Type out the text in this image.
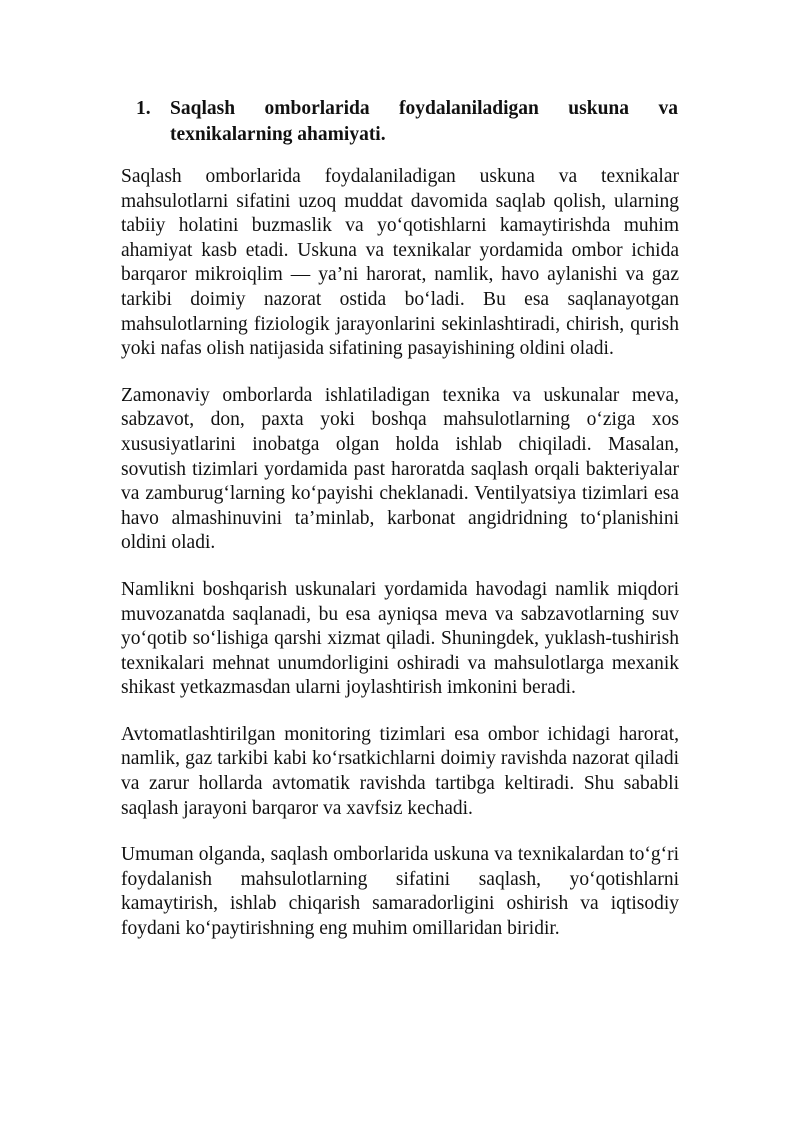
1. Saqlash omborlarida foydalaniladigan uskuna va texnikalarning ahamiyati.

Saqlash omborlarida foydalaniladigan uskuna va texnikalar mahsulotlarni sifatini uzoq muddat davomida saqlab qolish, ularning tabiiy holatini buzmaslik va yo‘qotishlarni kamaytirishda muhim ahamiyat kasb etadi. Uskuna va texnikalar yordamida ombor ichida barqaror mikroiqlim — ya’ni harorat, namlik, havo aylanishi va gaz tarkibi doimiy nazorat ostida bo‘ladi. Bu esa saqlanayotgan mahsulotlarning fiziologik jarayonlarini sekinlashtiradi, chirish, qurish yoki nafas olish natijasida sifatining pasayishining oldini oladi.

Zamonaviy omborlarda ishlatiladigan texnika va uskunalar meva, sabzavot, don, paxta yoki boshqa mahsulotlarning o‘ziga xos xususiyatlarini inobatga olgan holda ishlab chiqiladi. Masalan, sovutish tizimlari yordamida past haroratda saqlash orqali bakteriyalar va zamburug‘larning ko‘payishi cheklanadi. Ventilyatsiya tizimlari esa havo almashinuvini ta’minlab, karbonat angidridning to‘planishini oldini oladi.

Namlikni boshqarish uskunalari yordamida havodagi namlik miqdori muvozanatda saqlanadi, bu esa ayniqsa meva va sabzavotlarning suv yo‘qotib so‘lishiga qarshi xizmat qiladi. Shuningdek, yuklash-tushirish texnikalari mehnat unumdorligini oshiradi va mahsulotlarga mexanik shikast yetkazmasdan ularni joylashtirish imkonini beradi.

Avtomatlashtirilgan monitoring tizimlari esa ombor ichidagi harorat, namlik, gaz tarkibi kabi ko‘rsatkichlarni doimiy ravishda nazorat qiladi va zarur hollarda avtomatik ravishda tartibga keltiradi. Shu sababli saqlash jarayoni barqaror va xavfsiz kechadi.

Umuman olganda, saqlash omborlarida uskuna va texnikalardan to‘g‘ri foydalanish mahsulotlarning sifatini saqlash, yo‘qotishlarni kamaytirish, ishlab chiqarish samaradorligini oshirish va iqtisodiy foydani ko‘paytirishning eng muhim omillaridan biridir.
